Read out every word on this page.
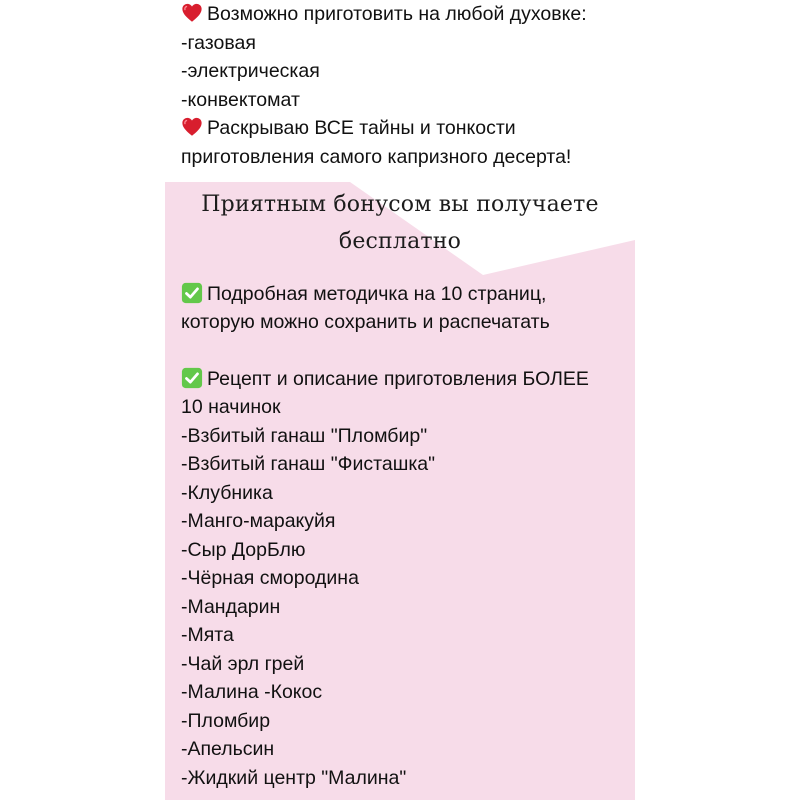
Возможно приготовить на любой духовке:
-газовая
-электрическая
-конвектомат
Раскрываю ВСЕ тайны и тонкости
приготовления самого капризного десерта!
Приятным бонусом вы получаете
бесплатно
Подробная методичка на 10 страниц,
которую можно сохранить и распечатать
Рецепт и описание приготовления БОЛЕЕ
10 начинок
-Взбитый ганаш "Пломбир"
-Взбитый ганаш "Фисташка"
-Клубника
-Манго-маракуйя
-Сыр ДорБлю
-Чёрная смородина
-Мандарин
-Мята
-Чай эрл грей
-Малина -Кокос
-Пломбир
-Апельсин
-Жидкий центр "Малина"
